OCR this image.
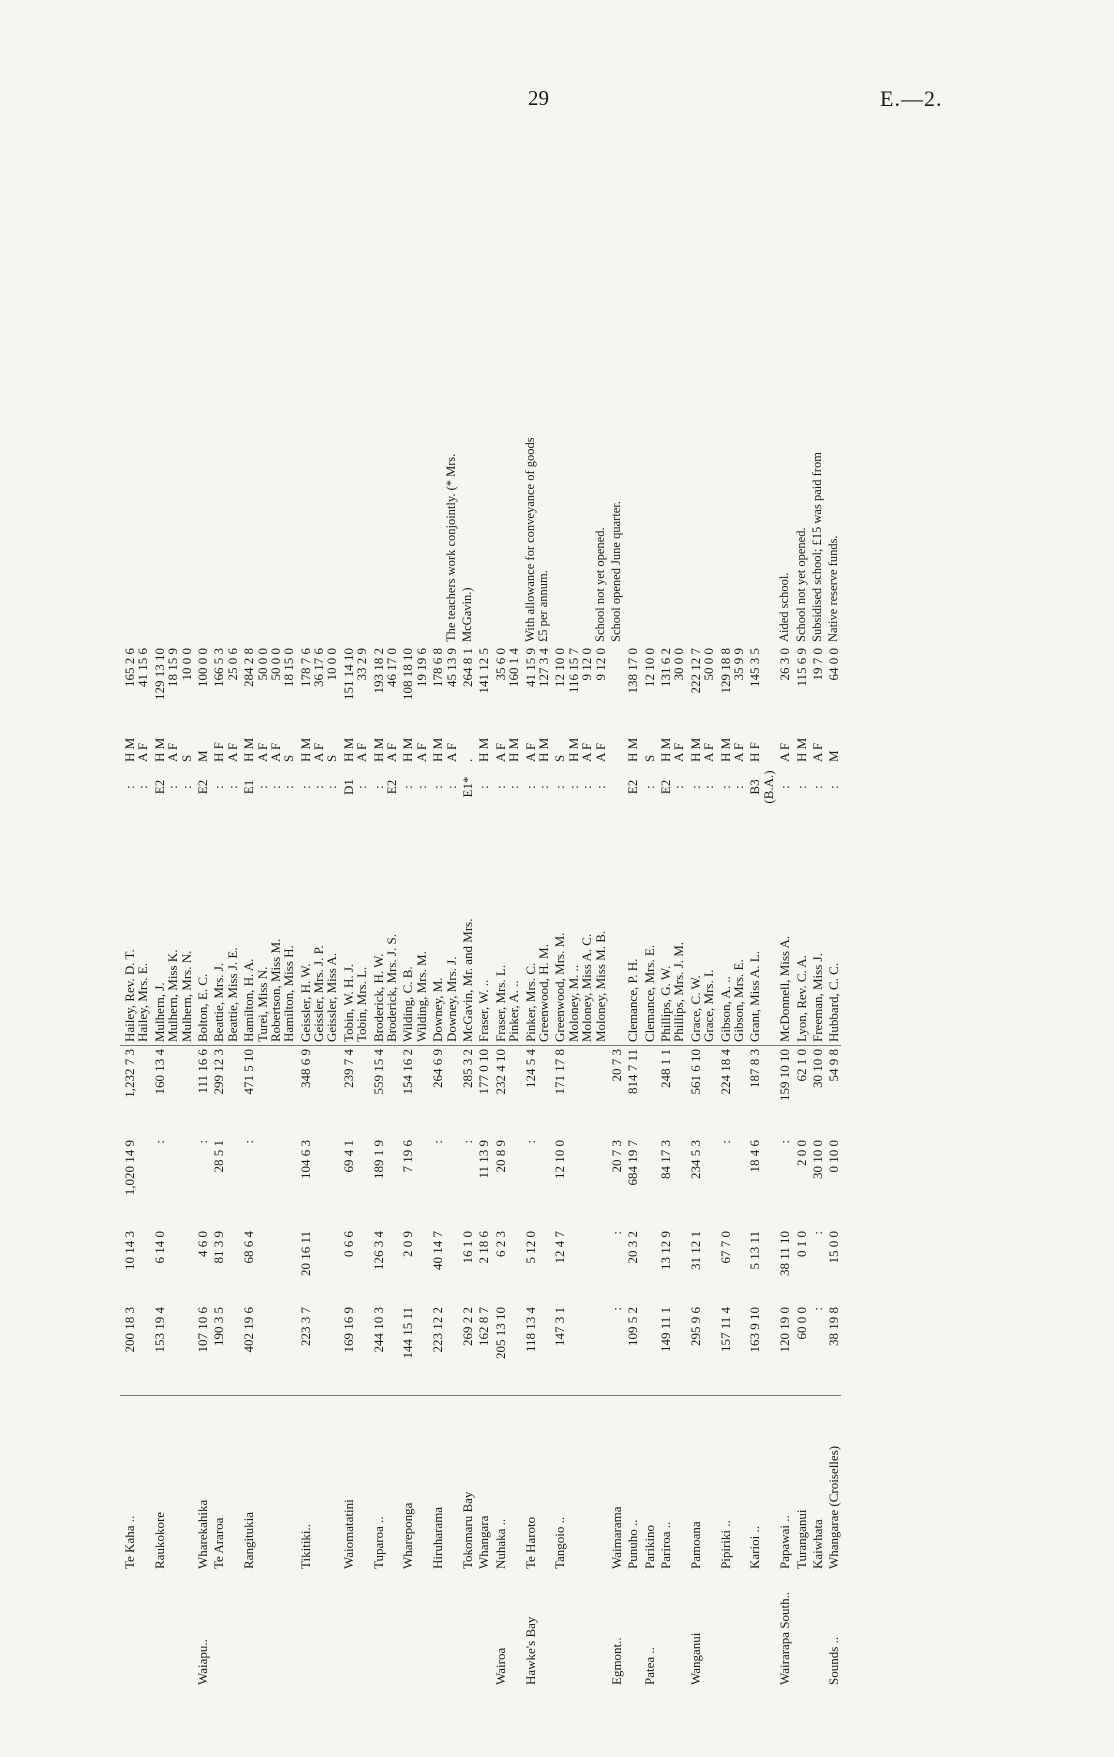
29	E.—2.
	Te Kaha ..	200 18 3	10 14 3	1,020 14 9	1,232 7 3	Hailey, Rev. D. T.	:	H M	165 2 6	
						Hailey, Mrs. E.	:	A F	41 15 6	
	Raukokore	153 19 4	6 14 0	:	160 13 4	Mulhern, J.	E2	H M	129 13 10	
						Mulhern, Miss K.	:	A F	18 15 9	
						Mulhern, Mrs. N.	:	S	10 0 0	
Waiapu..	Wharekahika	107 10 6	4 6 0	:	111 16 6	Bolton, E. C.	E2	M	100 0 0	
	Te Araroa	190 3 5	81 3 9	28 5 1	299 12 3	Beattie, Mrs. J.	:	H F	166 5 3	
						Beattie, Miss J. E.	:	A F	25 0 6	
	Rangitukia	402 19 6	68 6 4	:	471 5 10	Hamilton, H. A.	E1	H M	284 2 8	
						Turei, Miss N.	:	A F	50 0 0	
						Robertson, Miss M.	:	A F	50 0 0	
						Hamilton, Miss H.	:	S	18 15 0	
	Tikitiki..	223 3 7	20 16 11	104 6 3	348 6 9	Geissler, H. W.	:	H M	178 7 6	
						Geissler, Mrs. J. P.	:	A F	36 17 6	
						Geissler, Miss A.	:	S	10 0 0	
	Waiomatatini	169 16 9	0 6 6	69 4 1	239 7 4	Tobin, W. H. J.	D1	H M	151 14 10	
						Tobin, Mrs. L.	:	A F	33 2 9	
	Tuparoa ..	244 10 3	126 3 4	189 1 9	559 15 4	Broderick, H. W.	:	H M	193 18 2	
						Broderick, Mrs. J. S.	E2	A F	46 17 0	
	Whareponga	144 15 11	2 0 9	7 19 6	154 16 2	Wilding, C. B.	:	H M	108 18 10	
						Wilding, Mrs. M.	:	A F	19 19 6	
	Hiruharama	223 12 2	40 14 7	:	264 6 9	Downey, M.	:	H M	178 6 8	
						Downey, Mrs. J.	:	A F	45 13 9	The teachers work conjointly. (* Mrs.
	Tokomaru Bay	269 2 2	16 1 0	:	285 3 2	McGavin, Mr. and Mrs.	E1*	.	264 8 1	McGavin.)
	Whangara	162 8 7	2 18 6	11 13 9	177 0 10	Fraser, W. ..	:	H M	141 12 5	
Wairoa	Nuhaka ..	205 13 10	6 2 3	20 8 9	232 4 10	Fraser, Mrs. L.	:	A F	35 6 0	
						Pinker, A. ..	:	H M	160 1 4	
Hawke's Bay	Te Haroto	118 13 4	5 12 0	:	124 5 4	Pinker, Mrs. C.	:	A F	41 15 9	With allowance for conveyance of goods
						Greenwood, H. M.	:	H M	127 3 4	£5 per annum.
	Tangoio ..	147 3 1	12 4 7	12 10 0	171 17 8	Greenwood, Mrs. M.	:	S	12 10 0	
						Moloney, M. ..	:	H M	116 15 7	
						Moloney, Miss A. C.	:	A F	9 12 0	
						Moloney, Miss M. B.	:	A F	9 12 0	School not yet opened.
Egmont..	Waimarama	:	:	20 7 3	20 7 3					School opened June quarter.
	Punuho ..	109 5 2	20 3 2	684 19 7	814 7 11	Clemance, P. H.	E2	H M	138 17 0	
Patea ..	Parikino					Clemance, Mrs. E.	:	S	12 10 0	
	Pariroa ..	149 11 1	13 12 9	84 17 3	248 1 1	Phillips, G. W.	E2	H M	131 6 2	
						Phillips, Mrs. J. M.	:	A F	30 0 0	
Wanganui	Pamoana	295 9 6	31 12 1	234 5 3	561 6 10	Grace, C. W.	:	H M	222 12 7	
						Grace, Mrs. I.	:	A F	50 0 0	
	Pipiriki ..	157 11 4	67 7 0	:	224 18 4	Gibson, A. ..	:	H M	129 18 8	
						Gibson, Mrs. E.	:	A F	35 9 9	
	Karioi ..	163 9 10	5 13 11	18 4 6	187 8 3	Grant, Miss A. L.	B3	H F	145 3 5	
							(B.A.)			
Wairarapa South..	Papawai ..	120 19 0	38 11 10	:	159 10 10	McDonnell, Miss A.	:	A F	26 3 0	Aided school.
	Turanganui	60 0 0	0 1 0	2 0 0	62 1 0	Lyon, Rev. C. A.	:	H M	115 6 9	School not yet opened.
	Kaiwhata	:	:	30 10 0	30 10 0	Freeman, Miss J.	:	A F	19 7 0	Subsidised school; £15 was paid from
Sounds ..	Whangarae (Croiselles)	38 19 8	15 0 0	0 10 0	54 9 8	Hubbard, C. C.	:	M	64 0 0	Native reserve funds.
